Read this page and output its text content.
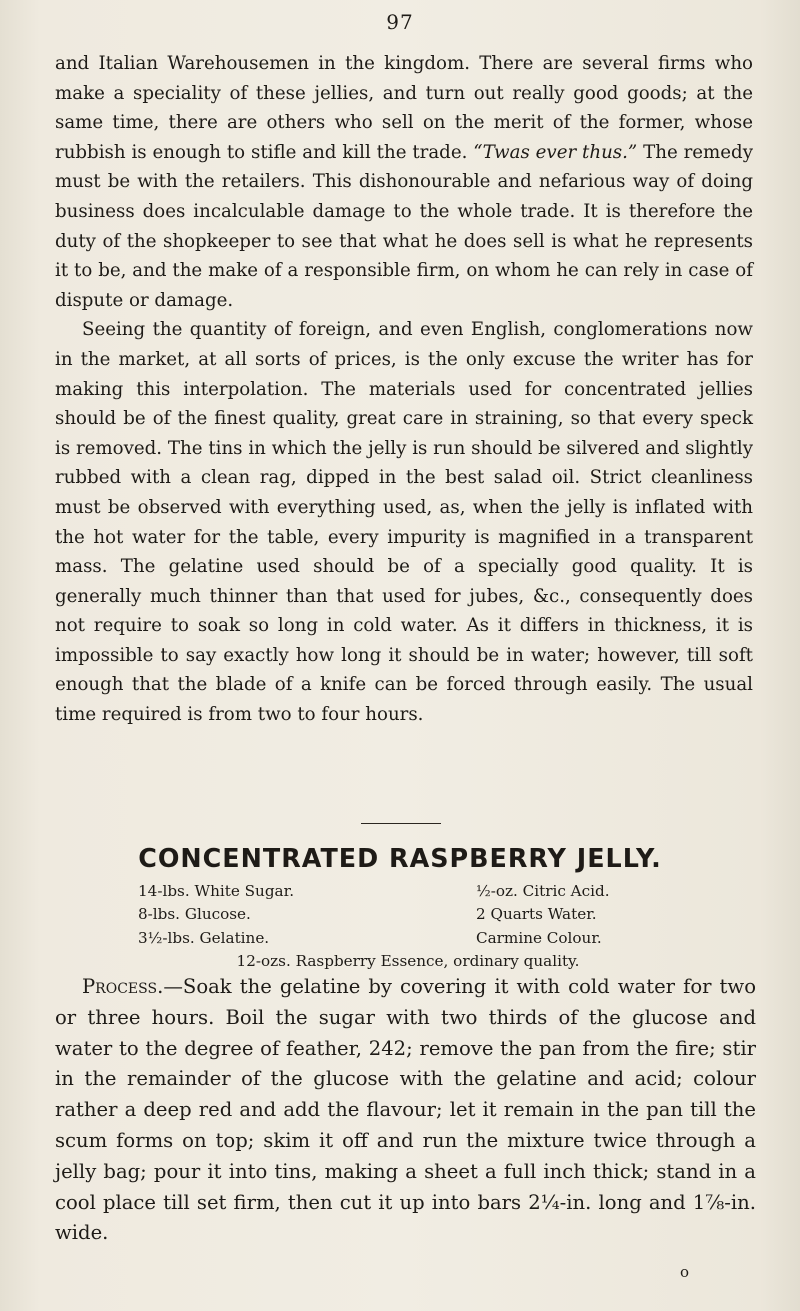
97

and Italian Warehousemen in the kingdom. There are several firms who make a speciality of these jellies, and turn out really good goods; at the same time, there are others who sell on the merit of the former, whose rubbish is enough to stifle and kill the trade. “Twas ever thus.” The remedy must be with the retailers. This dishonourable and nefarious way of doing business does incalculable damage to the whole trade. It is therefore the duty of the shopkeeper to see that what he does sell is what he represents it to be, and the make of a responsible firm, on whom he can rely in case of dispute or damage.

Seeing the quantity of foreign, and even English, conglomerations now in the market, at all sorts of prices, is the only excuse the writer has for making this interpolation. The materials used for concentrated jellies should be of the finest quality, great care in straining, so that every speck is removed. The tins in which the jelly is run should be silvered and slightly rubbed with a clean rag, dipped in the best salad oil. Strict cleanliness must be observed with everything used, as, when the jelly is inflated with the hot water for the table, every impurity is magnified in a transparent mass. The gelatine used should be of a specially good quality. It is generally much thinner than that used for jubes, &c., consequently does not require to soak so long in cold water. As it differs in thickness, it is impossible to say exactly how long it should be in water; however, till soft enough that the blade of a knife can be forced through easily. The usual time required is from two to four hours.

CONCENTRATED RASPBERRY JELLY.
14-lbs. White Sugar.	½-oz. Citric Acid.
8-lbs. Glucose.	2 Quarts Water.
3½-lbs. Gelatine.	Carmine Colour.
12-ozs. Raspberry Essence, ordinary quality.

Process.—Soak the gelatine by covering it with cold water for two or three hours. Boil the sugar with two thirds of the glucose and water to the degree of feather, 242; remove the pan from the fire; stir in the remainder of the glucose with the gelatine and acid; colour rather a deep red and add the flavour; let it remain in the pan till the scum forms on top; skim it off and run the mixture twice through a jelly bag; pour it into tins, making a sheet a full inch thick; stand in a cool place till set firm, then cut it up into bars 2¼-in. long and 1⅞-in. wide.

o
